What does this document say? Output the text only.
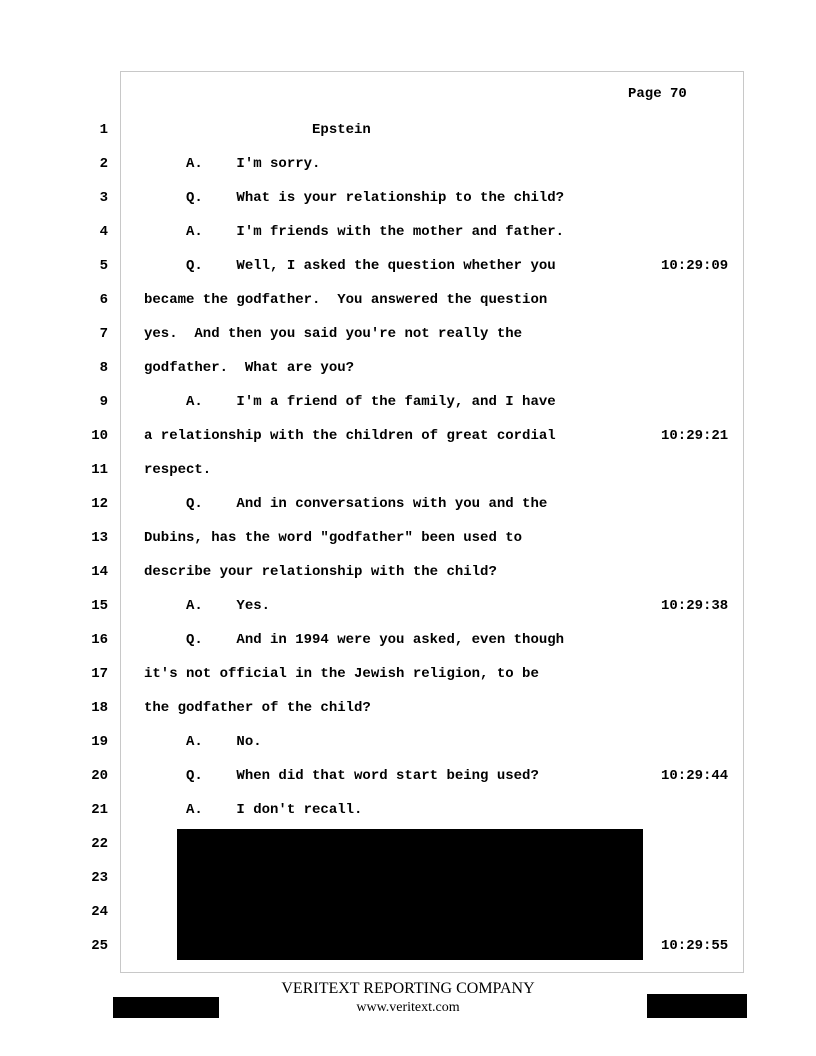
Page 70
1	Epstein
2	A.    I'm sorry.
3	Q.    What is your relationship to the child?
4	A.    I'm friends with the mother and father.
5	Q.    Well, I asked the question whether you	10:29:09
6	became the godfather.  You answered the question
7	yes.  And then you said you're not really the
8	godfather.  What are you?
9	A.    I'm a friend of the family, and I have
10	a relationship with the children of great cordial	10:29:21
11	respect.
12	Q.    And in conversations with you and the
13	Dubins, has the word "godfather" been used to
14	describe your relationship with the child?
15	A.    Yes.	10:29:38
16	Q.    And in 1994 were you asked, even though
17	it's not official in the Jewish religion, to be
18	the godfather of the child?
19	A.    No.
20	Q.    When did that word start being used?	10:29:44
21	A.    I don't recall.
22
23
24
25	10:29:55
VERITEXT REPORTING COMPANY
www.veritext.com
